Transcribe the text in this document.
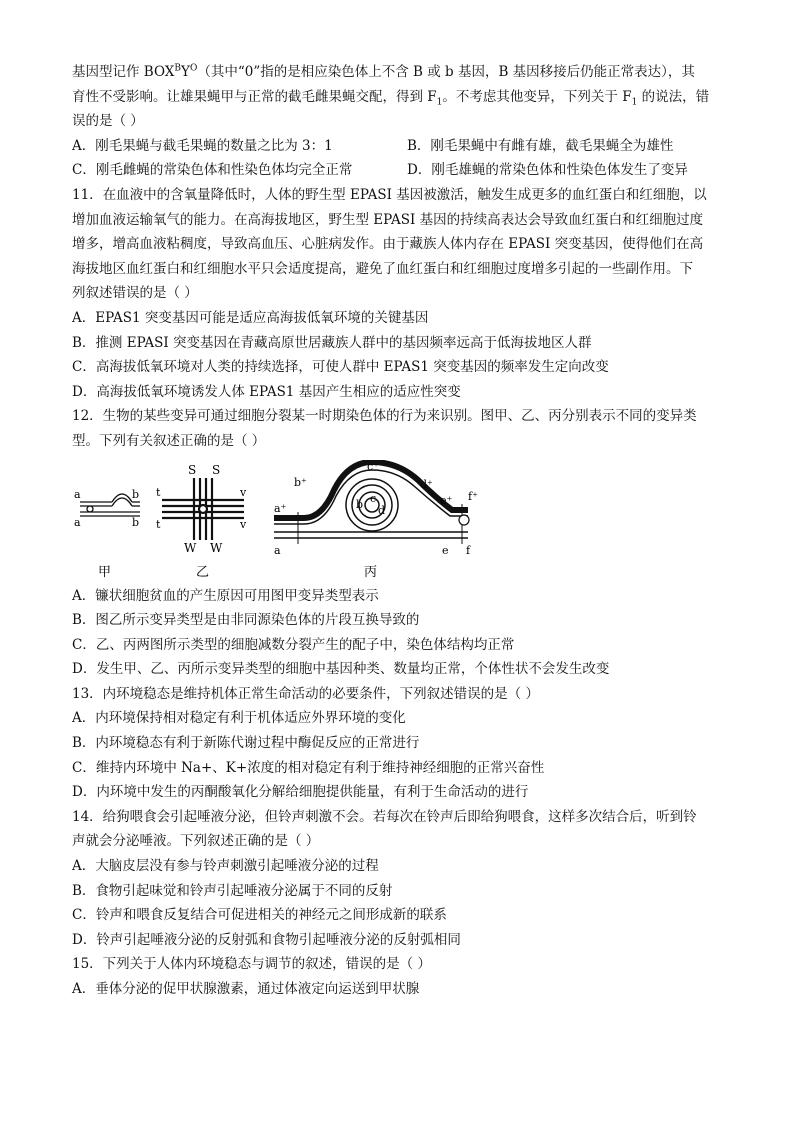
基因型记作 $BOX^BY^O$（其中“0”指的是相应染色体上不含 B 或 b 基因，B 基因移接后仍能正常表达），其
育性不受影响。让雄果蝇甲与正常的截毛雌果蝇交配，得到 $F_1$。不考虑其他变异，下列关于 $F_1$ 的说法，错
误的是（ ）
A．刚毛果蝇与截毛果蝇的数量之比为 3：1	B．刚毛果蝇中有雌有雄，截毛果蝇全为雄性
C．刚毛雌蝇的常染色体和性染色体均完全正常	D．刚毛雄蝇的常染色体和性染色体发生了变异
11．在血液中的含氧量降低时，人体的野生型 EPASI 基因被激活，触发生成更多的血红蛋白和红细胞，以
增加血液运输氧气的能力。在高海拔地区，野生型 EPASI 基因的持续高表达会导致血红蛋白和红细胞过度
增多，增高血液粘稠度，导致高血压、心脏病发作。由于藏族人体内存在 EPASI 突变基因，使得他们在高
海拔地区血红蛋白和红细胞水平只会适度提高，避免了血红蛋白和红细胞过度增多引起的一些副作用。下
列叙述错误的是（ ）
A．EPAS1 突变基因可能是适应高海拔低氧环境的关键基因
B．推测 EPASI 突变基因在青藏高原世居藏族人群中的基因频率远高于低海拔地区人群
C．高海拔低氧环境对人类的持续选择，可使人群中 EPAS1 突变基因的频率发生定向改变
D．高海拔低氧环境诱发人体 EPAS1 基因产生相应的适应性突变
12．生物的某些变异可通过细胞分裂某一时期染色体的行为来识别。图甲、乙、丙分别表示不同的变异类
型。下列有关叙述正确的是（ ）
a
a
b
b
t
t
v
v
S S
W W
a⁺
b⁺
c⁺
d⁺
e⁺ f⁺
b c
d
a	e f
甲	乙	丙
A．镰状细胞贫血的产生原因可用图甲变异类型表示
B．图乙所示变异类型是由非同源染色体的片段互换导致的
C．乙、丙两图所示类型的细胞减数分裂产生的配子中，染色体结构均正常
D．发生甲、乙、丙所示变异类型的细胞中基因种类、数量均正常，个体性状不会发生改变
13．内环境稳态是维持机体正常生命活动的必要条件，下列叙述错误的是（ ）
A．内环境保持相对稳定有利于机体适应外界环境的变化
B．内环境稳态有利于新陈代谢过程中酶促反应的正常进行
C．维持内环境中 Na+、K+浓度的相对稳定有利于维持神经细胞的正常兴奋性
D．内环境中发生的丙酮酸氧化分解给细胞提供能量，有利于生命活动的进行
14．给狗喂食会引起唾液分泌，但铃声刺激不会。若每次在铃声后即给狗喂食，这样多次结合后，听到铃
声就会分泌唾液。下列叙述正确的是（ ）
A．大脑皮层没有参与铃声刺激引起唾液分泌的过程
B．食物引起味觉和铃声引起唾液分泌属于不同的反射
C．铃声和喂食反复结合可促进相关的神经元之间形成新的联系
D．铃声引起唾液分泌的反射弧和食物引起唾液分泌的反射弧相同
15．下列关于人体内环境稳态与调节的叙述，错误的是（ ）
A．垂体分泌的促甲状腺激素，通过体液定向运送到甲状腺
